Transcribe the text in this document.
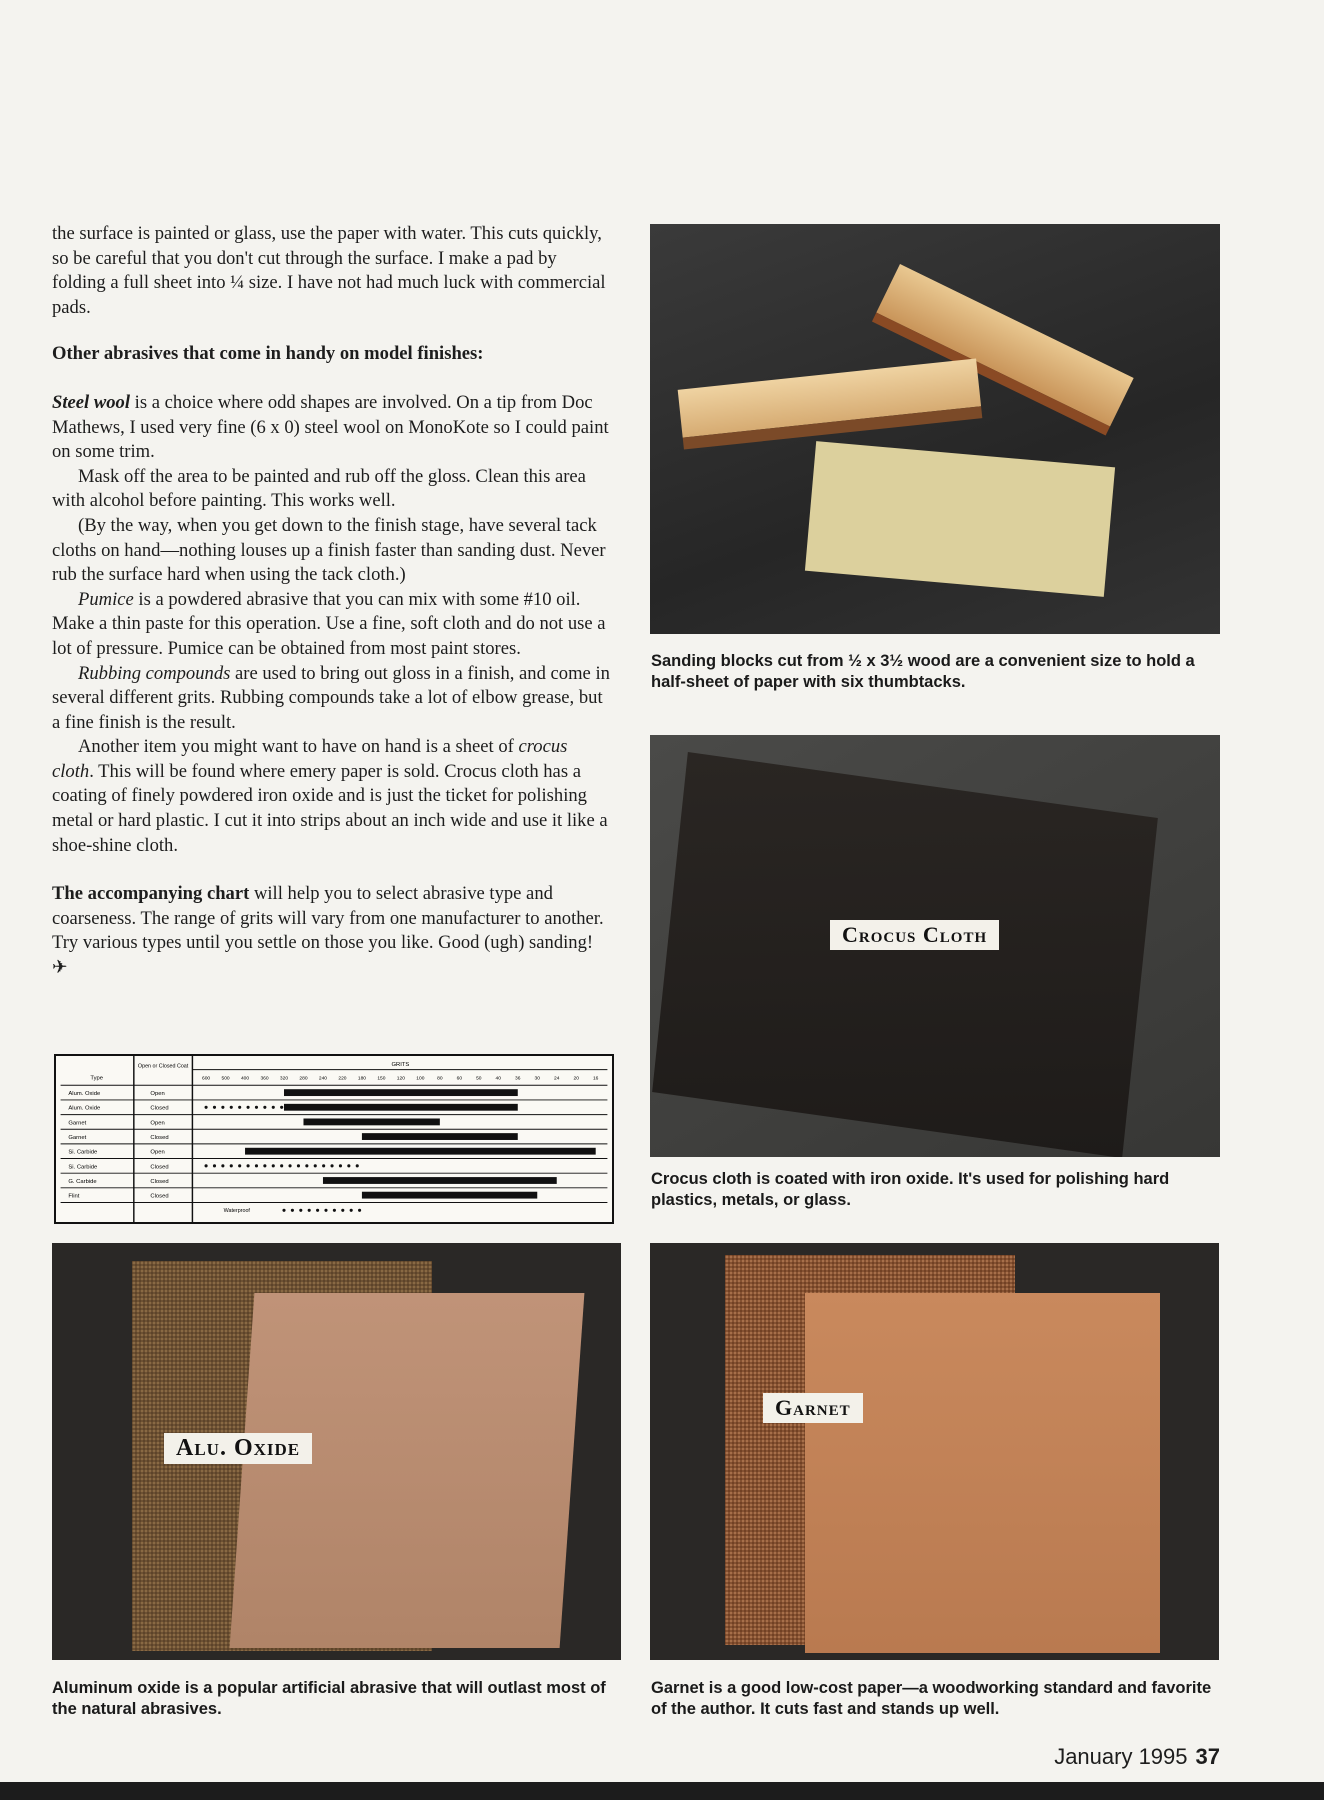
the surface is painted or glass, use the paper with water. This cuts quickly, so be careful that you don't cut through the surface. I make a pad by folding a full sheet into ¼ size. I have not had much luck with commercial pads.

Other abrasives that come in handy on model finishes:

Steel wool is a choice where odd shapes are involved. On a tip from Doc Mathews, I used very fine (6 x 0) steel wool on MonoKote so I could paint on some trim.

Mask off the area to be painted and rub off the gloss. Clean this area with alcohol before painting. This works well.

(By the way, when you get down to the finish stage, have several tack cloths on hand—nothing louses up a finish faster than sanding dust. Never rub the surface hard when using the tack cloth.)

Pumice is a powdered abrasive that you can mix with some #10 oil. Make a thin paste for this operation. Use a fine, soft cloth and do not use a lot of pressure. Pumice can be obtained from most paint stores.

Rubbing compounds are used to bring out gloss in a finish, and come in several different grits. Rubbing compounds take a lot of elbow grease, but a fine finish is the result.

Another item you might want to have on hand is a sheet of crocus cloth. This will be found where emery paper is sold. Crocus cloth has a coating of finely powdered iron oxide and is just the ticket for polishing metal or hard plastic. I cut it into strips about an inch wide and use it like a shoe-shine cloth.

The accompanying chart will help you to select abrasive type and coarseness. The range of grits will vary from one manufacturer to another. Try various types until you settle on those you like. Good (ugh) sanding! ✈

Type
Open or Closed Coat	GRITS
600 500 400 360 320 280 240 220 180 150 120 100	80	60	50	40	36	30	24	20	16
Alum. Oxide	Open
Alum. Oxide	Closed
Garnet	Open
Garnet	Closed
Si. Carbide	Open
Si. Carbide	Closed
G. Carbide	Closed
Flint	Closed
Waterproof
Sanding blocks cut from ½ x 3½ wood are a convenient size to hold a half-sheet of paper with six thumbtacks.
Crocus Cloth
Crocus cloth is coated with iron oxide. It's used for polishing hard plastics, metals, or glass.
Alu. Oxide
Aluminum oxide is a popular artificial abrasive that will outlast most of the natural abrasives.
Garnet
Garnet is a good low-cost paper—a woodworking standard and favorite of the author. It cuts fast and stands up well.
January 1995 37
